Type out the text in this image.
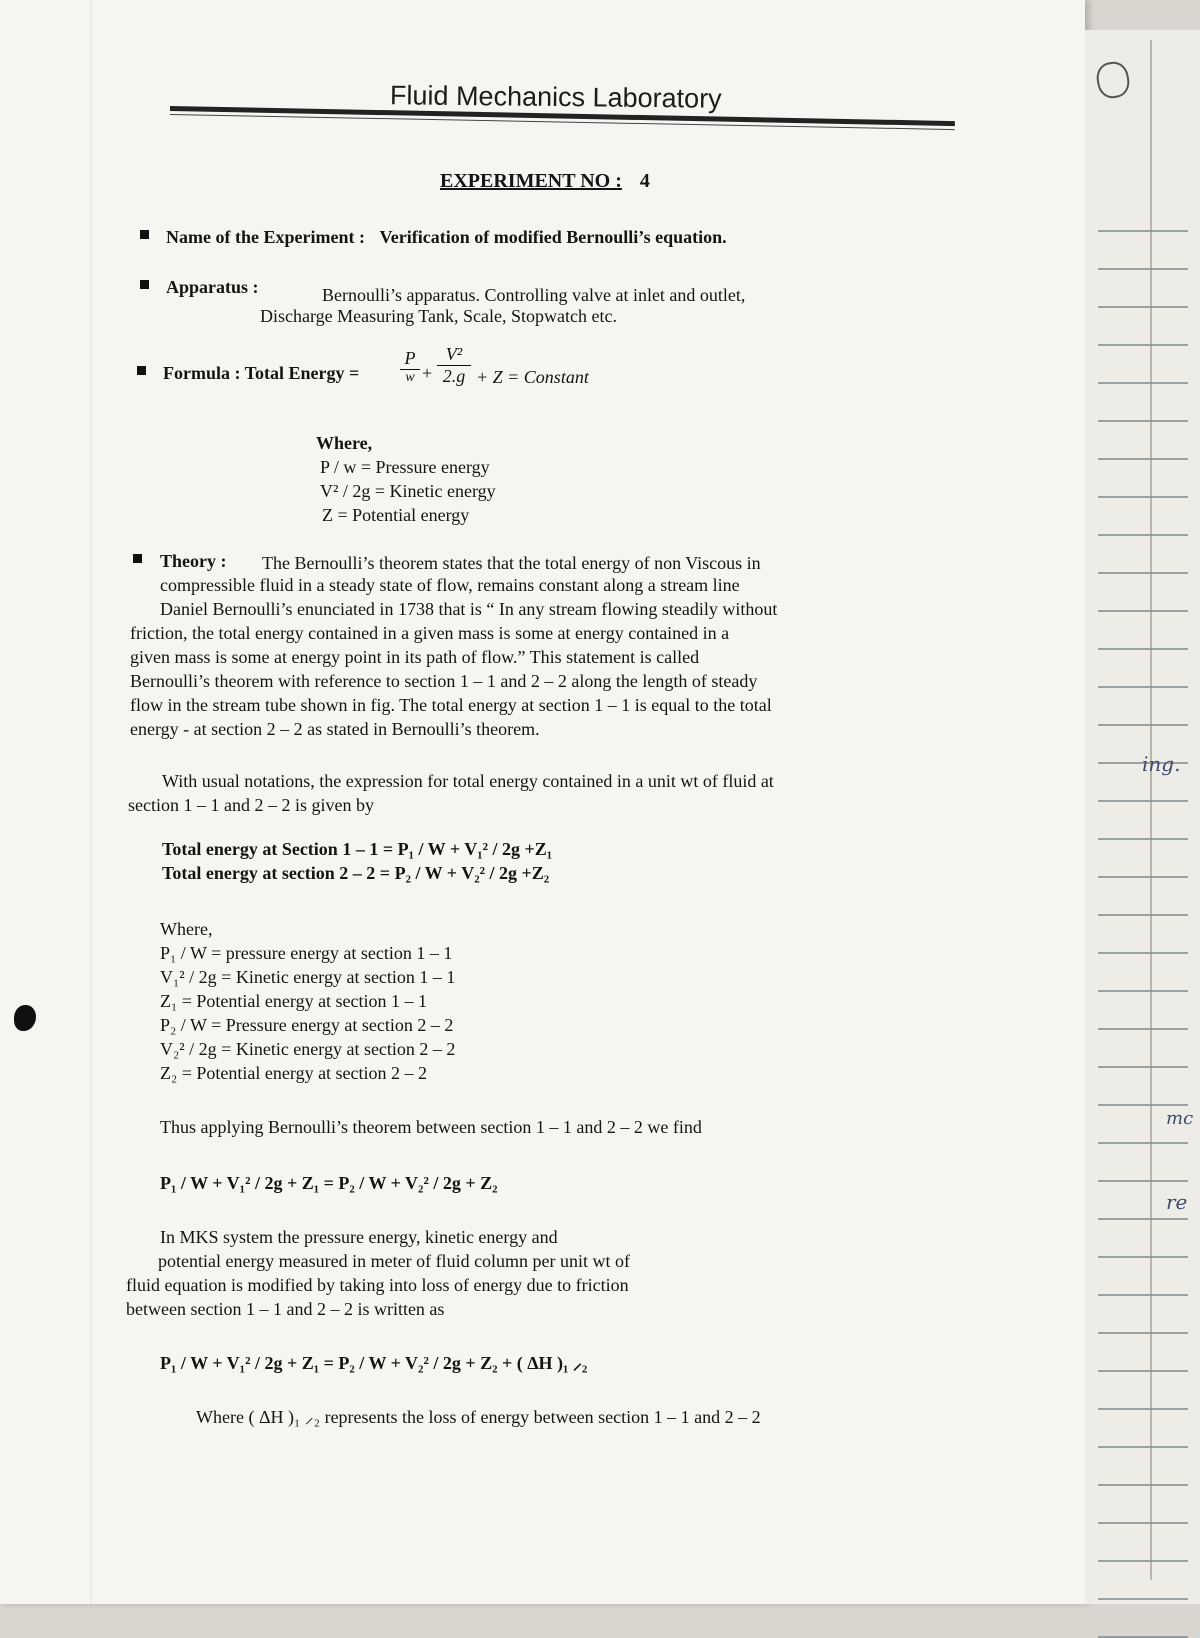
ing.
mc
re
Fluid Mechanics Laboratory
EXPERIMENT NO : 4
Name of the Experiment : Verification of modified Bernoulli’s equation.
Apparatus :	Bernoulli’s apparatus. Controlling valve at inlet and outlet,
Discharge Measuring Tank, Scale, Stopwatch etc.
Formula : Total Energy =
P
$w + \frac{\text{V²}}{2.g} + Z$ = Constant
Where,
P / w = Pressure energy
V² / 2g = Kinetic energy
Z = Potential energy
Theory : The Bernoulli’s theorem states that the total energy of non Viscous in
compressible fluid in a steady state of flow, remains constant along a stream line
Daniel Bernoulli’s enunciated in 1738 that is “ In any stream flowing steadily without
friction, the total energy contained in a given mass is some at energy contained in a
given mass is some at energy point in its path of flow.” This statement is called
Bernoulli’s theorem with reference to section 1 – 1 and 2 – 2 along the length of steady
flow in the stream tube shown in fig. The total energy at section 1 – 1 is equal to the total
energy - at section 2 – 2 as stated in Bernoulli’s theorem.
With usual notations, the expression for total energy contained in a unit wt of fluid at
section 1 – 1 and 2 – 2 is given by
Total energy at Section 1 – 1 = P₁ / W + V₁² / 2g +Z₁
Total energy at section 2 – 2 = P₂ / W + V₂² / 2g +Z₂
Where,
P₁ / W = pressure energy at section 1 – 1
V₁² / 2g = Kinetic energy at section 1 – 1
Z₁ = Potential energy at section 1 – 1
P₂ / W = Pressure energy at section 2 – 2
V₂² / 2g = Kinetic energy at section 2 – 2
Z₂ = Potential energy at section 2 – 2
Thus applying Bernoulli’s theorem between section 1 – 1 and 2 – 2 we find
P₁ / W + V₁² / 2g + Z₁ = P₂ / W + V₂² / 2g + Z₂
In MKS system the pressure energy, kinetic energy and
potential energy measured in meter of fluid column per unit wt of
fluid equation is modified by taking into loss of energy due to friction
between section 1 – 1 and 2 – 2 is written as
P₁ / W + V₁² / 2g + Z₁ = P₂ / W + V₂² / 2g + Z₂ + ( ΔH )₁ ⸝₂
Where ( ΔH )₁ ⸝₂ represents the loss of energy between section 1 – 1 and 2 – 2
